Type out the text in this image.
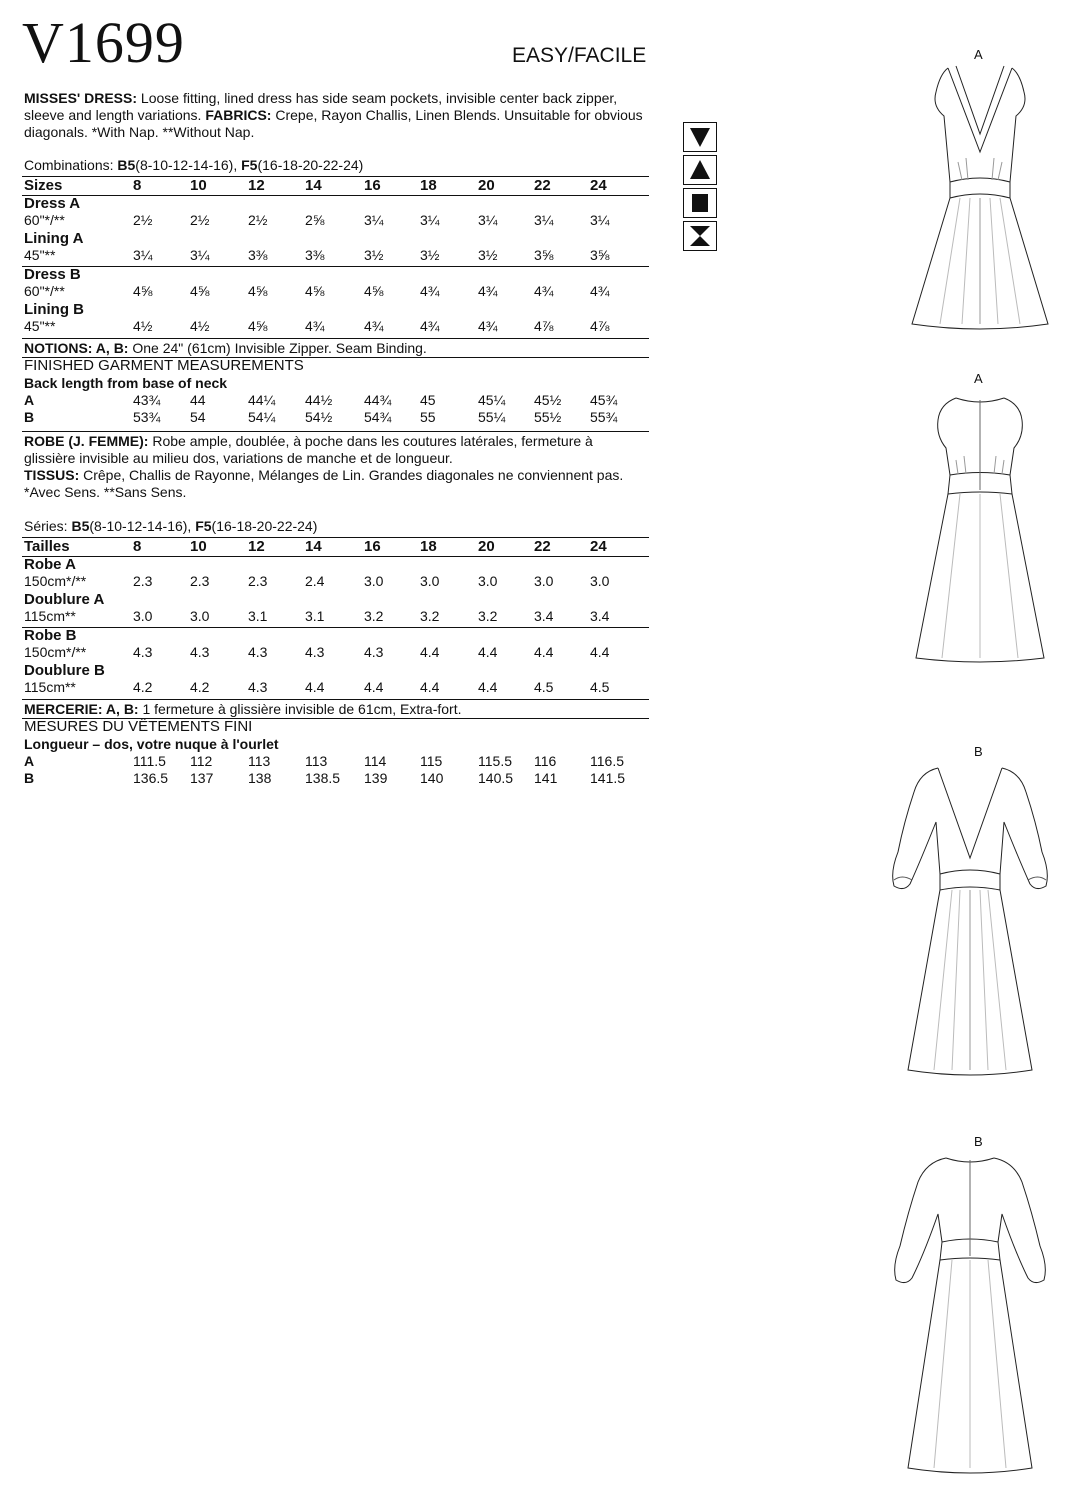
V1699	EASY/FACILE
MISSES' DRESS: Loose fitting, lined dress has side seam pockets, invisible center back zipper, sleeve and length variations. FABRICS: Crepe, Rayon Challis, Linen Blends. Unsuitable for obvious diagonals. *With Nap. **Without Nap.
Combinations: B5(8-10-12-14-16), F5(16-18-20-22-24)
Sizes	8	10	12	14	16	18	20	22	24
Dress A
60"*/**	2½	2½	2½	2⅝	3¼	3¼	3¼	3¼	3¼
Lining A
45"**	3¼	3¼	3⅜	3⅜	3½	3½	3½	3⅝	3⅝
Dress B
60"*/**	4⅝	4⅝	4⅝	4⅝	4⅝	4¾	4¾	4¾	4¾
Lining B
45"**	4½	4½	4⅝	4¾	4¾	4¾	4¾	4⅞	4⅞
NOTIONS: A, B: One 24" (61cm) Invisible Zipper. Seam Binding.
FINISHED GARMENT MEASUREMENTS
Back length from base of neck
A	43¾ 44	44¼ 44½ 44¾ 45	45¼ 45½ 45¾
B	53¾ 54	54¼ 54½ 54¾ 55	55¼ 55½ 55¾
Tailles	8	10	12	14	16	18	20	22	24
Robe A
150cm*/**	2.3	2.3	2.3	2.4	3.0	3.0	3.0	3.0	3.0
Doublure A
115cm**	3.0	3.0	3.1	3.1	3.2	3.2	3.2	3.4	3.4
Robe B
150cm*/**	4.3	4.3	4.3	4.3	4.3	4.4	4.4	4.4	4.4
Doublure B
115cm**	4.2	4.2	4.3	4.4	4.4	4.4	4.4	4.5	4.5
MERCERIE: A, B: 1 fermeture à glissière invisible de 61cm, Extra-fort.
MESURES DU VÊTEMENTS FINI
Longueur – dos, votre nuque à l'ourlet
A	111.5 112	113 113	114 115	115.5 116 116.5
B	136.5 137 138 138.5 139 140 140.5 141 141.5
ROBE (J. FEMME): Robe ample, doublée, à poche dans les coutures latérales, fermeture à glissière invisible au milieu dos, variations de manche et de longueur.
TISSUS: Crêpe, Challis de Rayonne, Mélanges de Lin. Grandes diagonales ne conviennent pas. *Avec Sens. **Sans Sens.
Séries: B5(8-10-12-14-16), F5(16-18-20-22-24)
A
A
B
B
